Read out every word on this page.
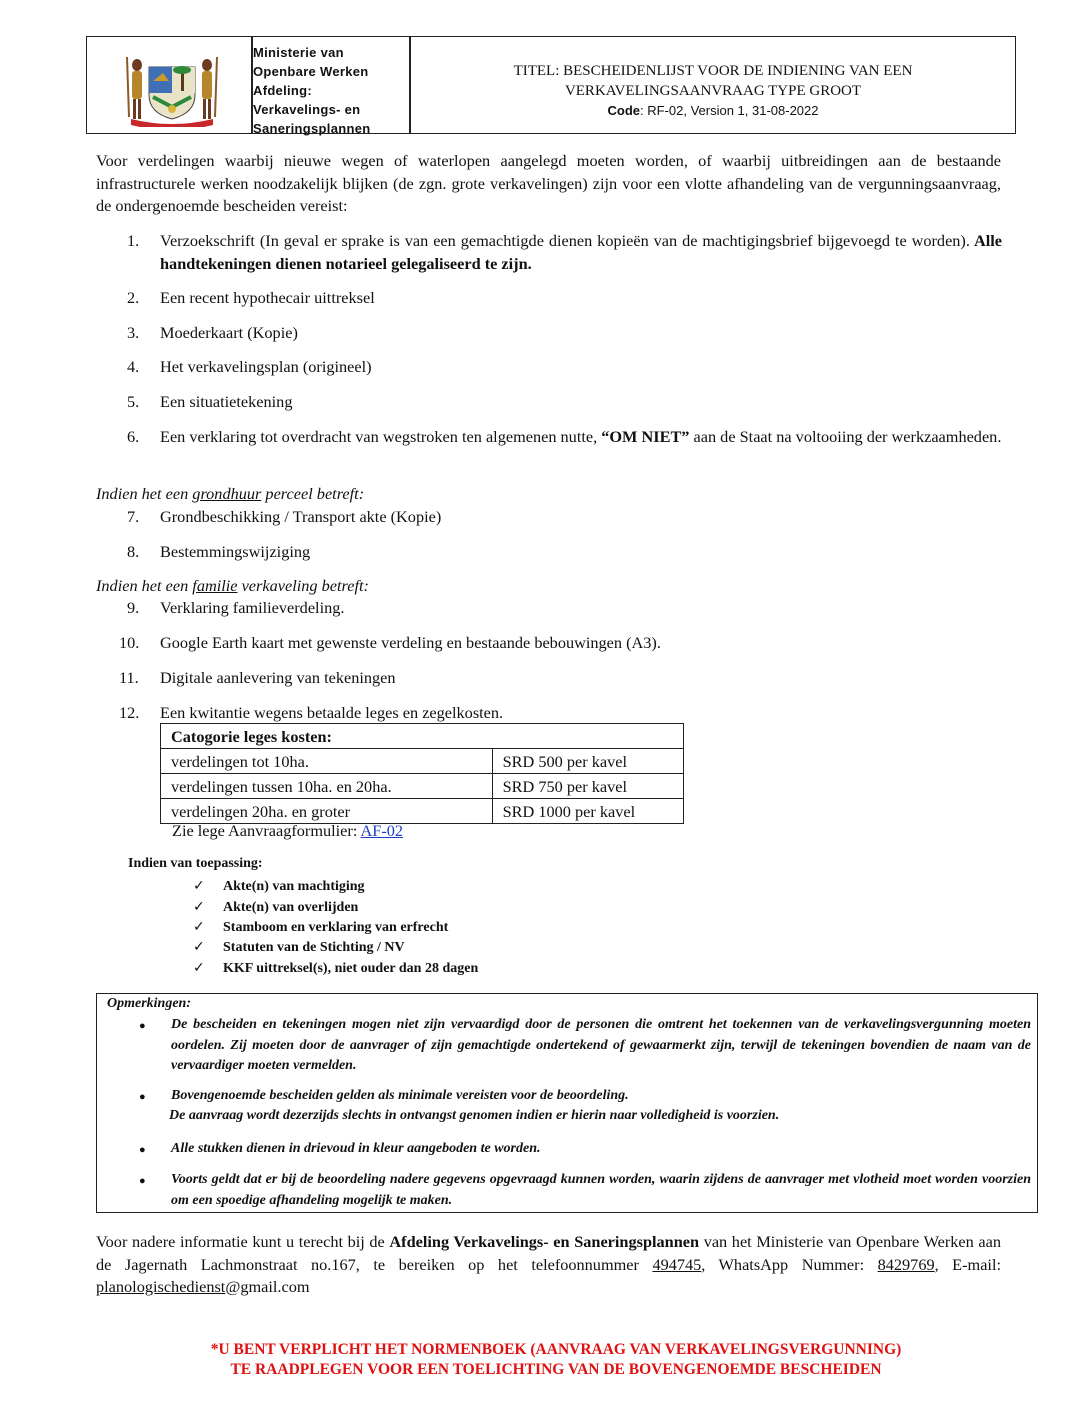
Ministerie van
Openbare Werken
Afdeling:
Verkavelings- en
Saneringsplannen
TITEL: BESCHEIDENLIJST VOOR DE INDIENING VAN EEN
VERKAVELINGSAANVRAAG TYPE GROOT
Code: RF-02, Version 1, 31-08-2022
Voor verdelingen waarbij nieuwe wegen of waterlopen aangelegd moeten worden, of waarbij uitbreidingen aan de bestaande infrastructurele werken noodzakelijk blijken (de zgn. grote verkavelingen) zijn voor een vlotte afhandeling van de vergunningsaanvraag, de ondergenoemde bescheiden vereist:
1. Verzoekschrift (In geval er sprake is van een gemachtigde dienen kopieën van de machtigingsbrief bijgevoegd te worden). Alle handtekeningen dienen notarieel gelegaliseerd te zijn.
2. Een recent hypothecair uittreksel
3. Moederkaart (Kopie)
4. Het verkavelingsplan (origineel)
5. Een situatietekening
6. Een verklaring tot overdracht van wegstroken ten algemenen nutte, “OM NIET” aan de Staat na voltooiing der werkzaamheden.
Indien het een grondhuur perceel betreft:
7. Grondbeschikking / Transport akte (Kopie)
8. Bestemmingswijziging
Indien het een familie verkaveling betreft:
9. Verklaring familieverdeling.
10. Google Earth kaart met gewenste verdeling en bestaande bebouwingen (A3).
11. Digitale aanlevering van tekeningen
12. Een kwitantie wegens betaalde leges en zegelkosten.
Catogorie leges kosten:	
verdelingen tot 10ha.	SRD 500 per kavel
verdelingen tussen 10ha. en 20ha.	SRD 750 per kavel
verdelingen 20ha. en groter	SRD 1000 per kavel
Zie lege Aanvraagformulier: AF-02
Indien van toepassing:
✓ Akte(n) van machtiging
✓ Akte(n) van overlijden
✓ Stamboom en verklaring van erfrecht
✓ Statuten van de Stichting / NV
✓ KKF uittreksel(s), niet ouder dan 28 dagen
Opmerkingen:
● De bescheiden en tekeningen mogen niet zijn vervaardigd door de personen die omtrent het toekennen van de verkavelingsvergunning moeten oordelen. Zij moeten door de aanvrager of zijn gemachtigde ondertekend of gewaarmerkt zijn, terwijl de tekeningen bovendien de naam van de vervaardiger moeten vermelden.
● Bovengenoemde bescheiden gelden als minimale vereisten voor de beoordeling.
De aanvraag wordt dezerzijds slechts in ontvangst genomen indien er hierin naar volledigheid is voorzien.
● Alle stukken dienen in drievoud in kleur aangeboden te worden.
● Voorts geldt dat er bij de beoordeling nadere gegevens opgevraagd kunnen worden, waarin zijdens de aanvrager met vlotheid moet worden voorzien om een spoedige afhandeling mogelijk te maken.
Voor nadere informatie kunt u terecht bij de Afdeling Verkavelings- en Saneringsplannen van het Ministerie van Openbare Werken aan de Jagernath Lachmonstraat no.167, te bereiken op het telefoonnummer 494745, WhatsApp Nummer: 8429769, E-mail: planologischedienst@gmail.com
*U BENT VERPLICHT HET NORMENBOEK (AANVRAAG VAN VERKAVELINGSVERGUNNING)
TE RAADPLEGEN VOOR EEN TOELICHTING VAN DE BOVENGENOEMDE BESCHEIDEN
